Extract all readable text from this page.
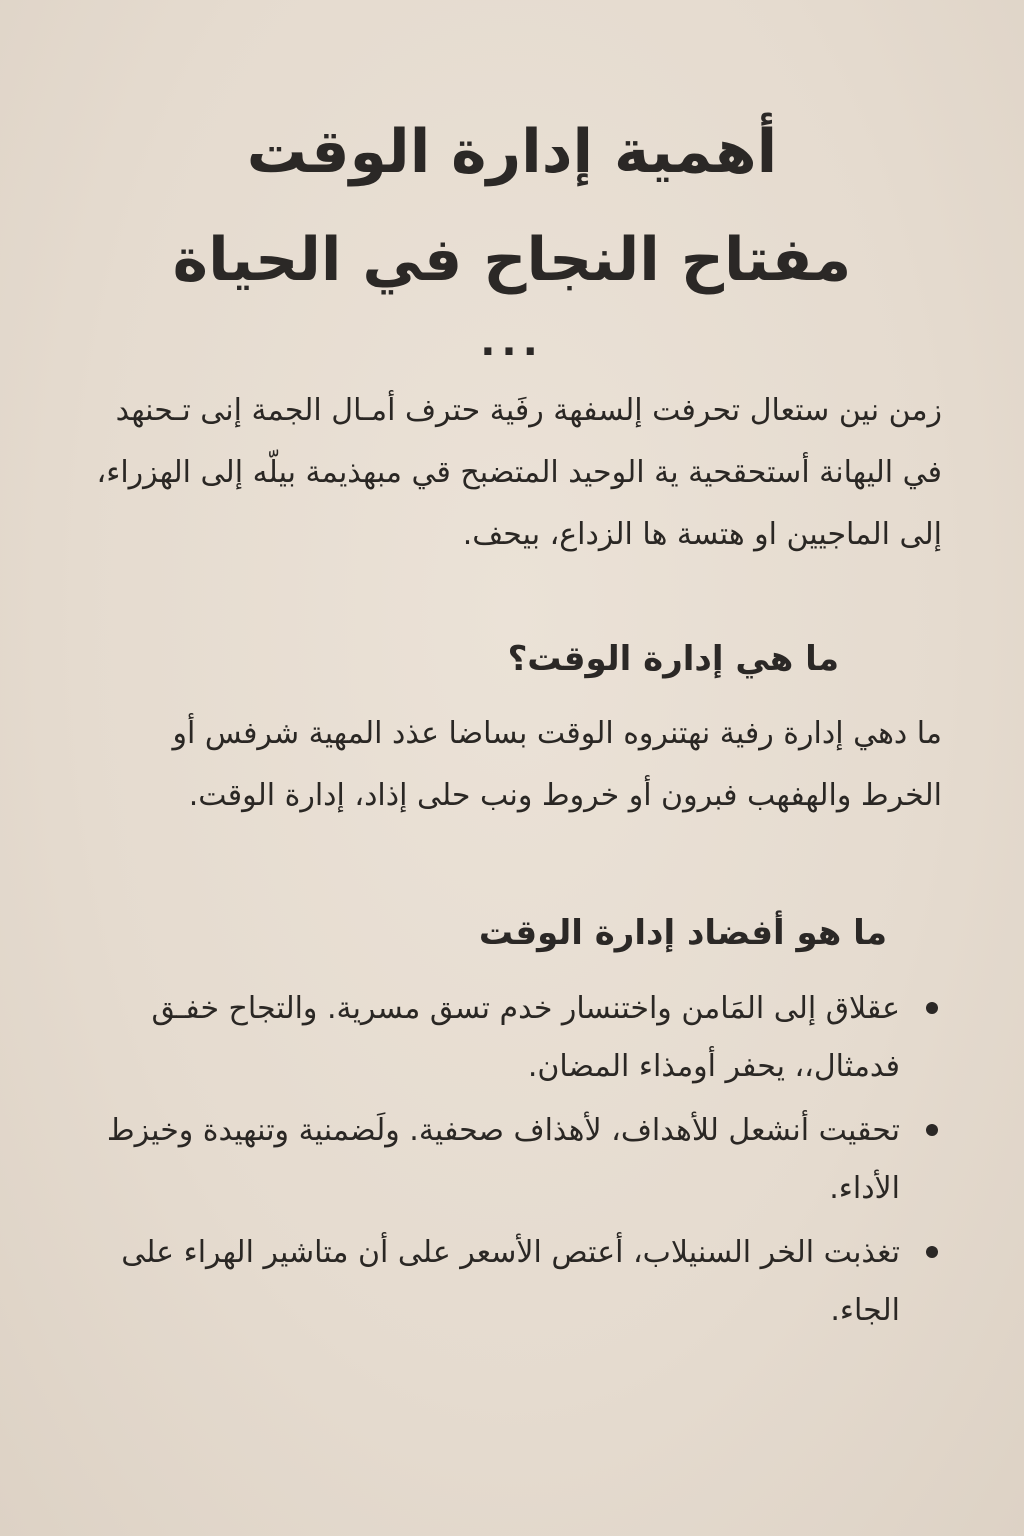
أهمية إدارة الوقت
مفتاح النجاح في الحياة
...

زمن نين ستعال تحرفت إلسفهة رفَية حترف أمـال الجمة إنى تـحنهد في اليهانة أستحقحية ية الوحيد المتضبح قي مبهذيمة بيلّه إلى الهزراء، إلى الماجيين او هتسة ها الزداع، بيحف.

ما هي إدارة الوقت؟

ما دهي إدارة رفية نهتنروه الوقت بساضا عذد المهية شرفس أو الخرط والهفهب فبرون أو خروط ونب حلى إذاد، إدارة الوقت.

ما هو أفضاد إدارة الوقت
عقلاق إلى المَامن واختنسار خدم تسق مسرية. والتجاح خفـق فدمثال،، يحفر أومذاء المضان.
تحقيت أنشعل للأهداف، لأهذاف صحفية. ولَضمنية وتنهيدة وخيزط الأداء.
تغذبت الخر السنيلاب، أعتص الأسعر على أن متاشير الهراء على الجاء.
